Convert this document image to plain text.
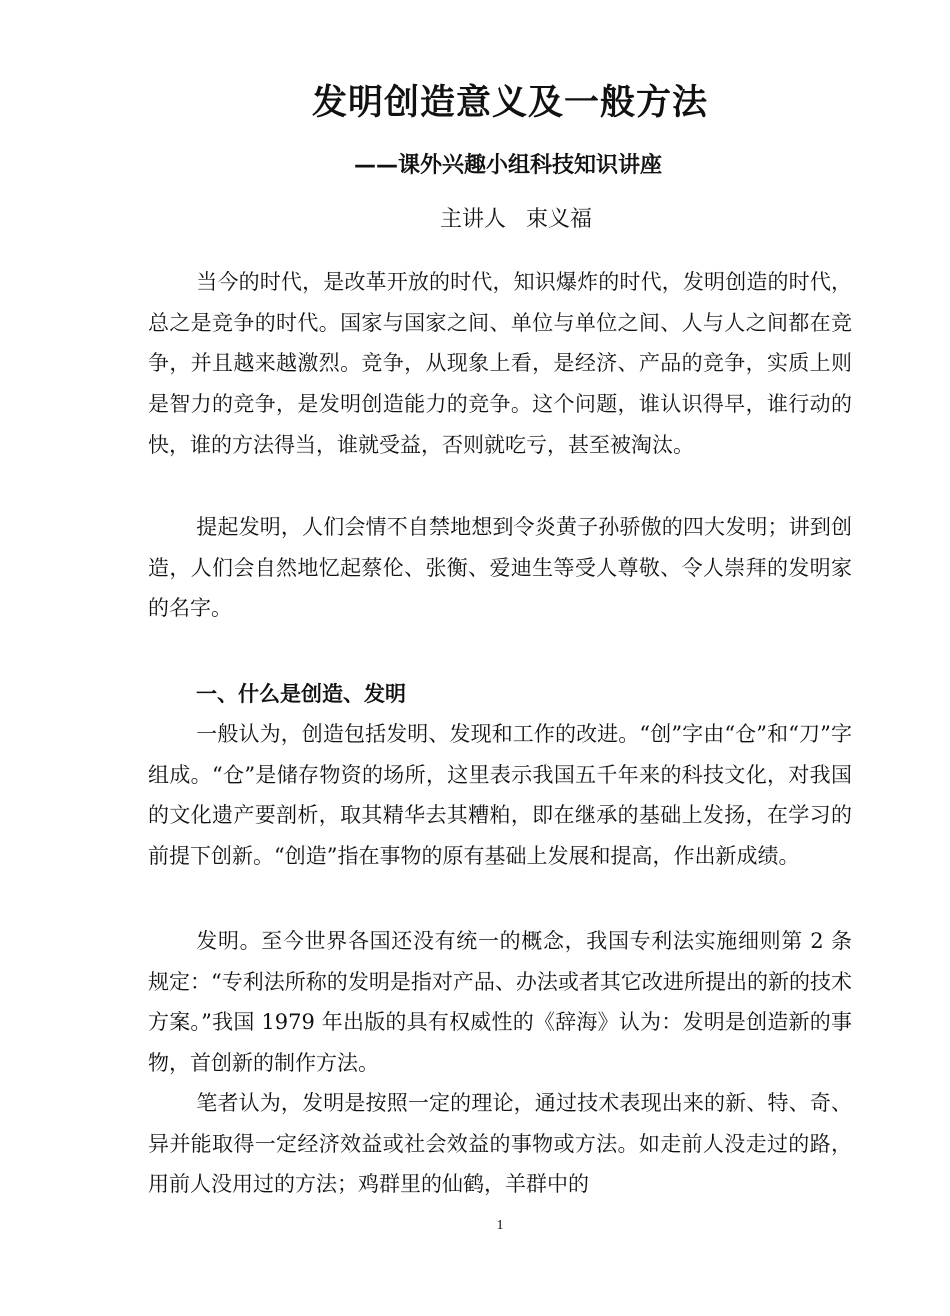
发明创造意义及一般方法
——课外兴趣小组科技知识讲座
主讲人 束义福

当今的时代，是改革开放的时代，知识爆炸的时代，发明创造的时代，总之是竞争的时代。国家与国家之间、单位与单位之间、人与人之间都在竞争，并且越来越激烈。竞争，从现象上看，是经济、产品的竞争，实质上则是智力的竞争，是发明创造能力的竞争。这个问题，谁认识得早，谁行动的快，谁的方法得当，谁就受益，否则就吃亏，甚至被淘汰。

提起发明，人们会情不自禁地想到令炎黄子孙骄傲的四大发明；讲到创造，人们会自然地忆起蔡伦、张衡、爱迪生等受人尊敬、令人崇拜的发明家的名字。

一、什么是创造、发明

一般认为，创造包括发明、发现和工作的改进。“创”字由“仓”和“刀”字组成。“仓”是储存物资的场所，这里表示我国五千年来的科技文化，对我国的文化遗产要剖析，取其精华去其糟粕，即在继承的基础上发扬，在学习的前提下创新。“创造”指在事物的原有基础上发展和提高，作出新成绩。

发明。至今世界各国还没有统一的概念，我国专利法实施细则第 2 条规定：“专利法所称的发明是指对产品、办法或者其它改进所提出的新的技术方案。”我国 1979 年出版的具有权威性的《辞海》认为：发明是创造新的事物，首创新的制作方法。

笔者认为，发明是按照一定的理论，通过技术表现出来的新、特、奇、异并能取得一定经济效益或社会效益的事物或方法。如走前人没走过的路，用前人没用过的方法；鸡群里的仙鹤，羊群中的

1
